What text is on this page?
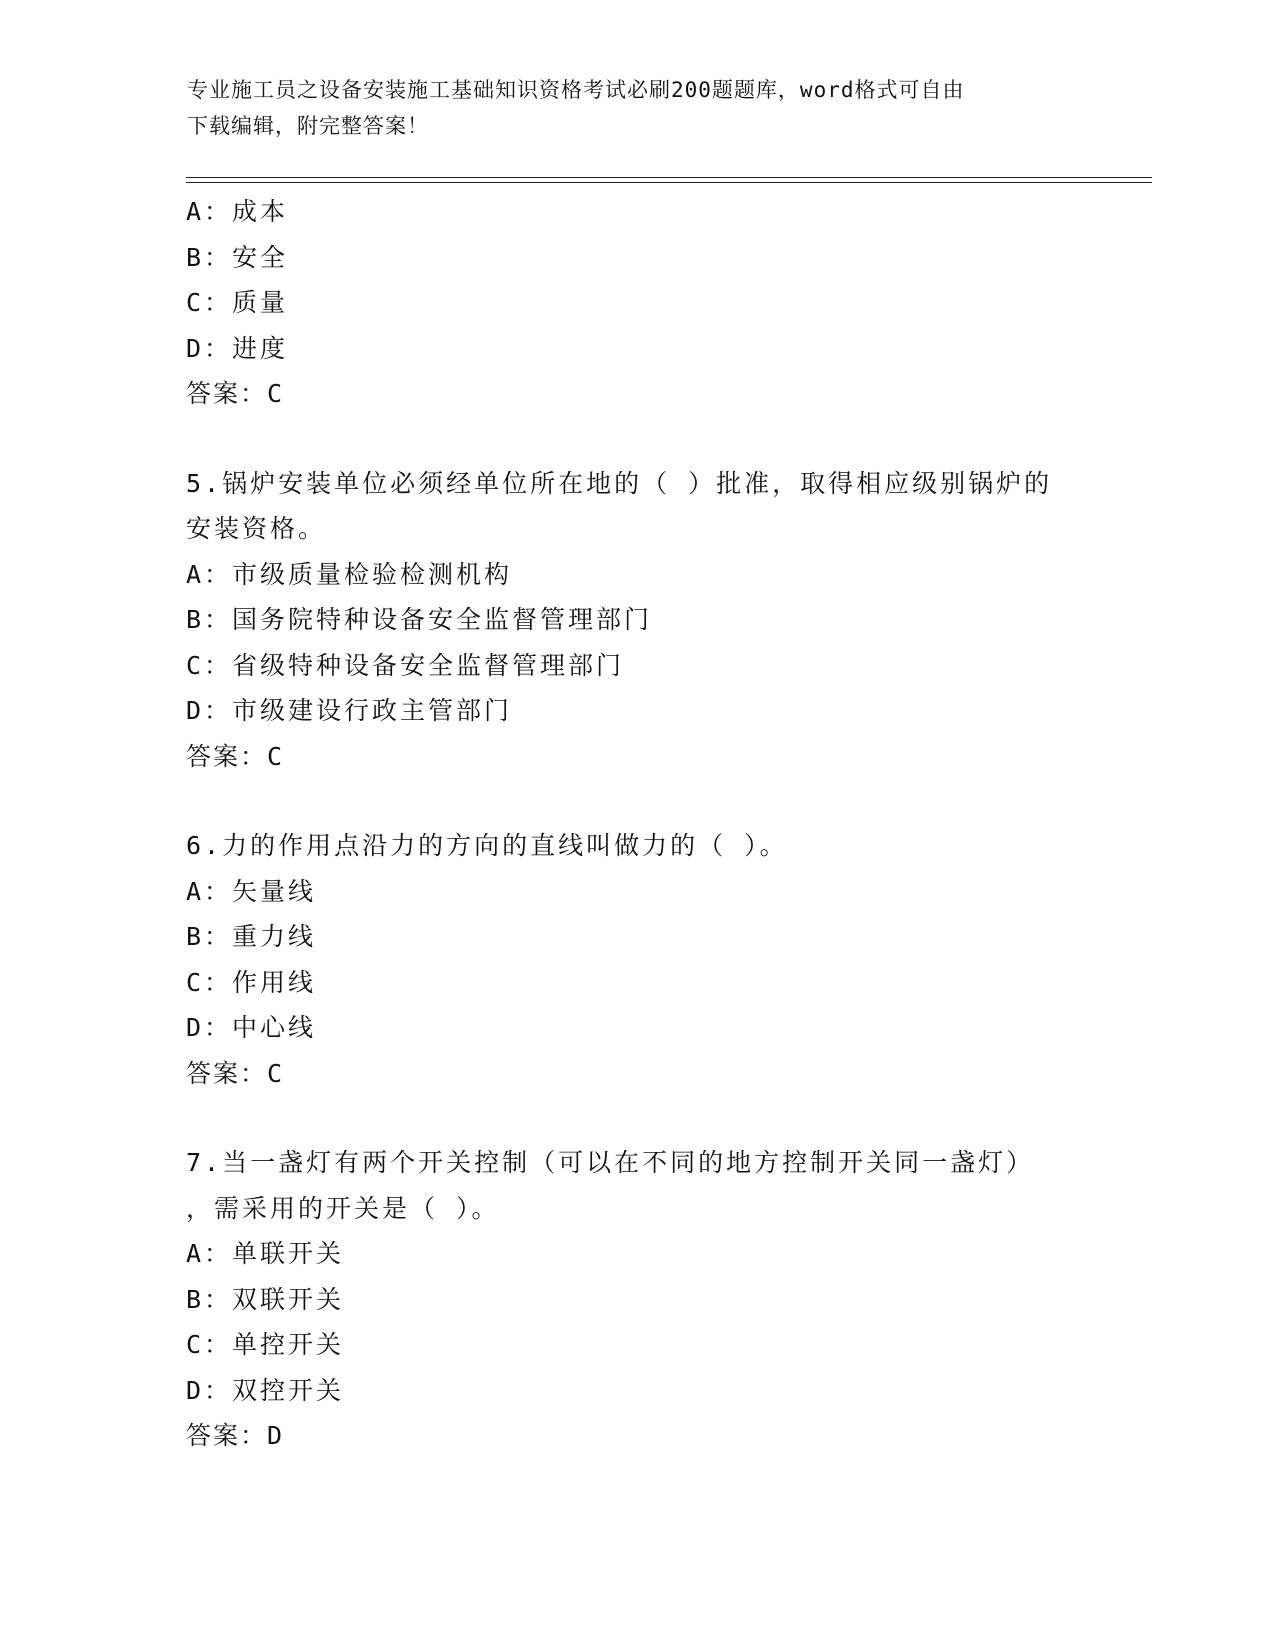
专业施工员之设备安装施工基础知识资格考试必刷200题题库，word格式可自由
下载编辑，附完整答案！
A：成本
B：安全
C：质量
D：进度
答案：C
5.锅炉安装单位必须经单位所在地的（ ）批准，取得相应级别锅炉的
安装资格。
A：市级质量检验检测机构
B：国务院特种设备安全监督管理部门
C：省级特种设备安全监督管理部门
D：市级建设行政主管部门
答案：C
6.力的作用点沿力的方向的直线叫做力的（ ）。
A：矢量线
B：重力线
C：作用线
D：中心线
答案：C
7.当一盏灯有两个开关控制（可以在不同的地方控制开关同一盏灯）
，需采用的开关是（ ）。
A：单联开关
B：双联开关
C：单控开关
D：双控开关
答案：D
